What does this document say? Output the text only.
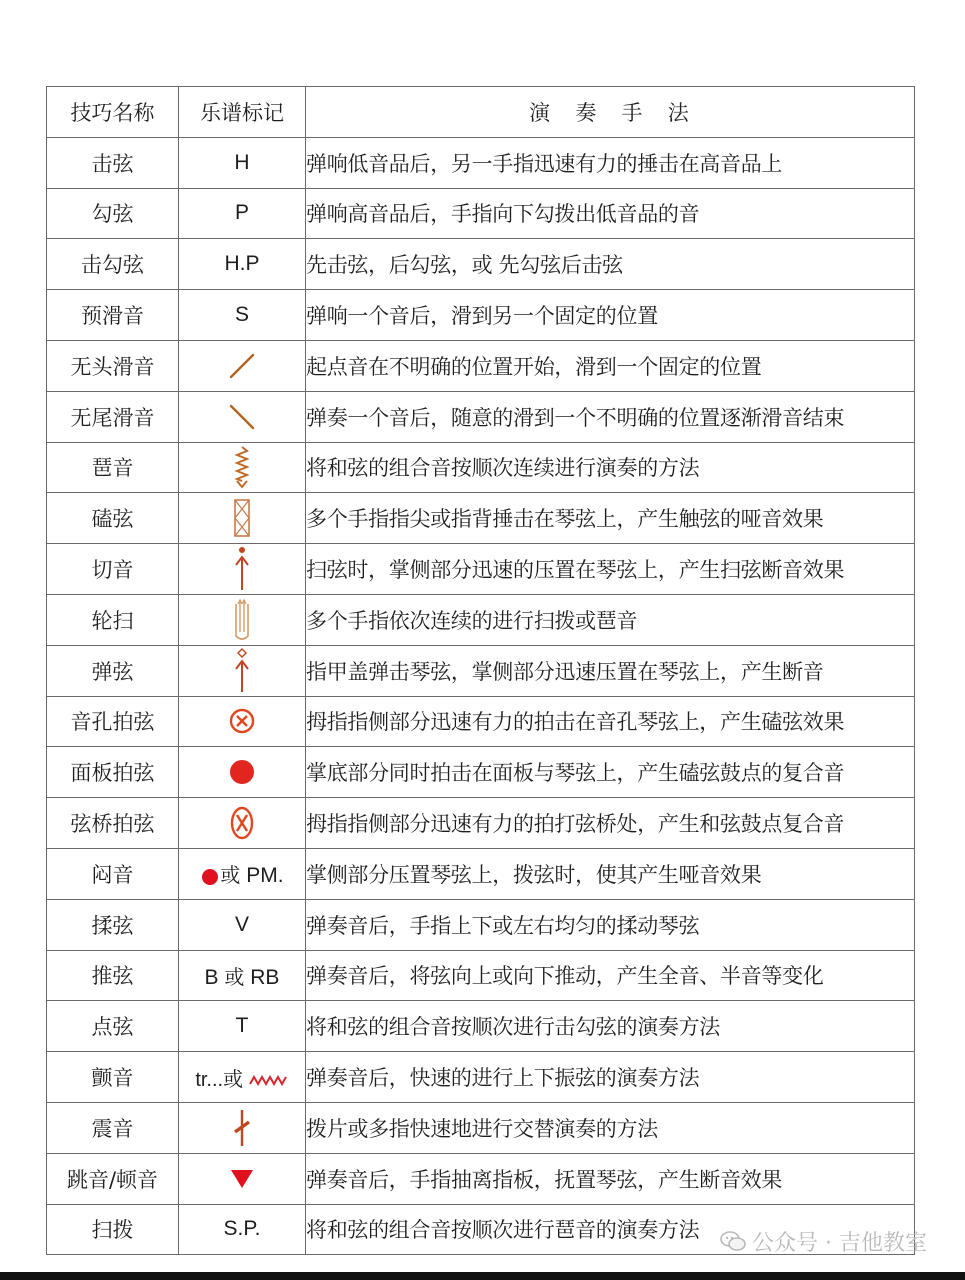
技巧名称	乐谱标记	演　奏　手　法
击弦	H	弹响低音品后，另一手指迅速有力的捶击在高音品上
勾弦	P	弹响高音品后，手指向下勾拨出低音品的音
击勾弦	H.P	先击弦，后勾弦，或 先勾弦后击弦
预滑音	S	弹响一个音后，滑到另一个固定的位置
无头滑音		起点音在不明确的位置开始，滑到一个固定的位置
无尾滑音		弹奏一个音后，随意的滑到一个不明确的位置逐渐滑音结束
琶音		将和弦的组合音按顺次连续进行演奏的方法
磕弦		多个手指指尖或指背捶击在琴弦上，产生触弦的哑音效果
切音		扫弦时，掌侧部分迅速的压置在琴弦上，产生扫弦断音效果
轮扫		多个手指依次连续的进行扫拨或琶音
弹弦		指甲盖弹击琴弦，掌侧部分迅速压置在琴弦上，产生断音
音孔拍弦		拇指指侧部分迅速有力的拍击在音孔琴弦上，产生磕弦效果
面板拍弦		掌底部分同时拍击在面板与琴弦上，产生磕弦鼓点的复合音
弦桥拍弦		拇指指侧部分迅速有力的拍打弦桥处，产生和弦鼓点复合音
闷音	或 PM.	掌侧部分压置琴弦上，拨弦时，使其产生哑音效果
揉弦	V	弹奏音后，手指上下或左右均匀的揉动琴弦
推弦	B 或 RB	弹奏音后，将弦向上或向下推动，产生全音、半音等变化
点弦	T	将和弦的组合音按顺次进行击勾弦的演奏方法
颤音	tr...或	弹奏音后，快速的进行上下振弦的演奏方法
震音		拨片或多指快速地进行交替演奏的方法
跳音/顿音		弹奏音后，手指抽离指板，抚置琴弦，产生断音效果
扫拨	S.P.	将和弦的组合音按顺次进行琶音的演奏方法
公众号 · 吉他教室
